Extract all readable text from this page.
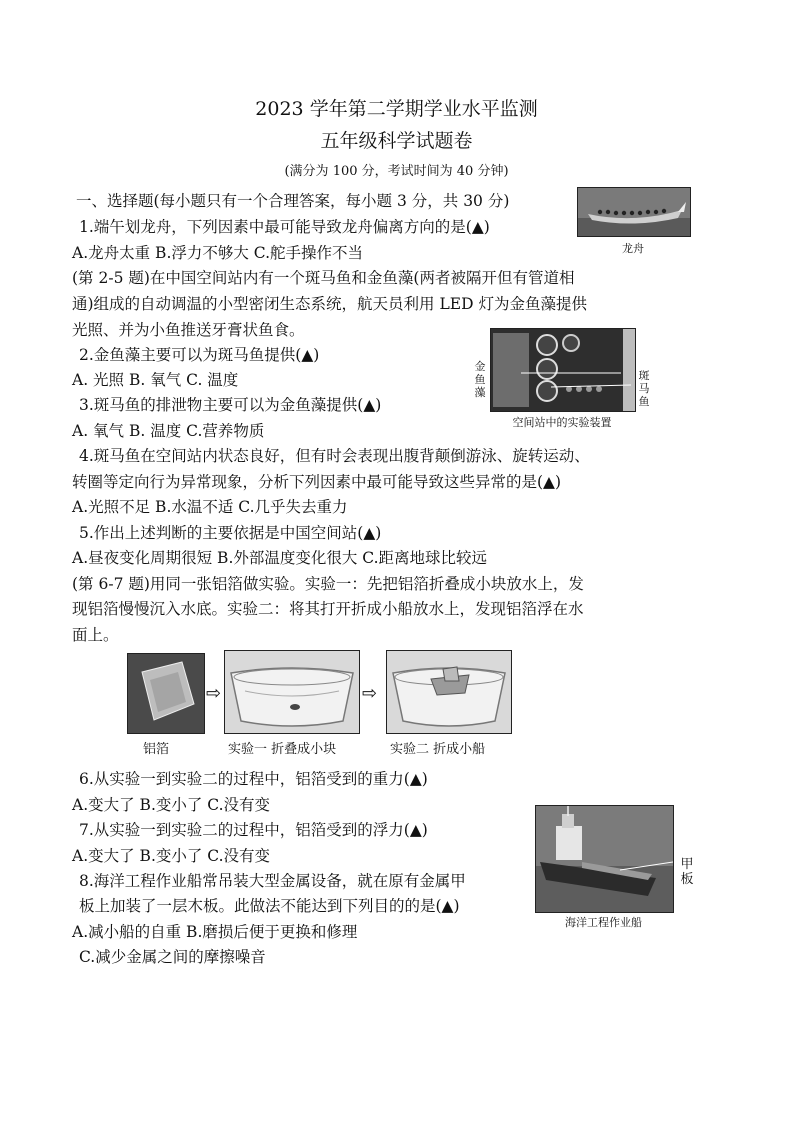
2023 学年第二学期学业水平监测
五年级科学试题卷
(满分为 100 分，考试时间为 40 分钟)
一、选择题(每小题只有一个合理答案，每小题 3 分，共 30 分)
龙舟
1.端午划龙舟，下列因素中最可能导致龙舟偏离方向的是(▲)
A.龙舟太重 B.浮力不够大 C.舵手操作不当
(第 2-5 题)在中国空间站内有一个斑马鱼和金鱼藻(两者被隔开但有管道相
通)组成的自动调温的小型密闭生态系统，航天员利用 LED 灯为金鱼藻提供
光照、并为小鱼推送牙膏状鱼食。
金鱼藻
斑马鱼
空间站中的实验装置
2.金鱼藻主要可以为斑马鱼提供(▲)
A. 光照 B. 氧气 C. 温度
3.斑马鱼的排泄物主要可以为金鱼藻提供(▲)
A. 氧气 B. 温度 C.营养物质
4.斑马鱼在空间站内状态良好，但有时会表现出腹背颠倒游泳、旋转运动、
转圈等定向行为异常现象，分析下列因素中最可能导致这些异常的是(▲)
A.光照不足 B.水温不适 C.几乎失去重力
5.作出上述判断的主要依据是中国空间站(▲)
A.昼夜变化周期很短 B.外部温度变化很大 C.距离地球比较远
(第 6-7 题)用同一张铝箔做实验。实验一：先把铝箔折叠成小块放水上，发
现铝箔慢慢沉入水底。实验二：将其打开折成小船放水上，发现铝箔浮在水
面上。
⇨	⇨
铝箔	实验一 折叠成小块	实验二 折成小船
6.从实验一到实验二的过程中，铝箔受到的重力(▲)
A.变大了 B.变小了 C.没有变
甲板
海洋工程作业船
7.从实验一到实验二的过程中，铝箔受到的浮力(▲)
A.变大了 B.变小了 C.没有变
8.海洋工程作业船常吊装大型金属设备，就在原有金属甲
板上加装了一层木板。此做法不能达到下列目的的是(▲)
A.减小船的自重 B.磨损后便于更换和修理
C.减少金属之间的摩擦噪音
